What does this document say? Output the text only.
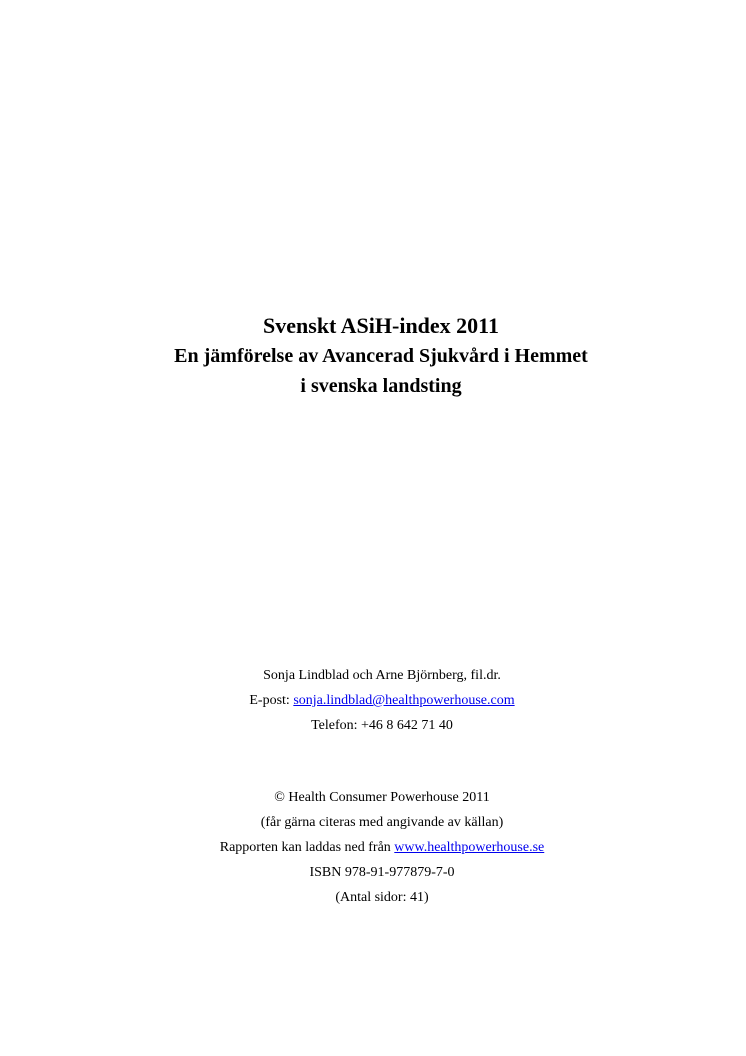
Svenskt ASiH-index 2011
En jämförelse av Avancerad Sjukvård i Hemmet
i svenska landsting
Sonja Lindblad och Arne Björnberg, fil.dr.
E-post: sonja.lindblad@healthpowerhouse.com
Telefon: +46 8 642 71 40
© Health Consumer Powerhouse 2011
(får gärna citeras med angivande av källan)
Rapporten kan laddas ned från www.healthpowerhouse.se
ISBN 978-91-977879-7-0
(Antal sidor: 41)
